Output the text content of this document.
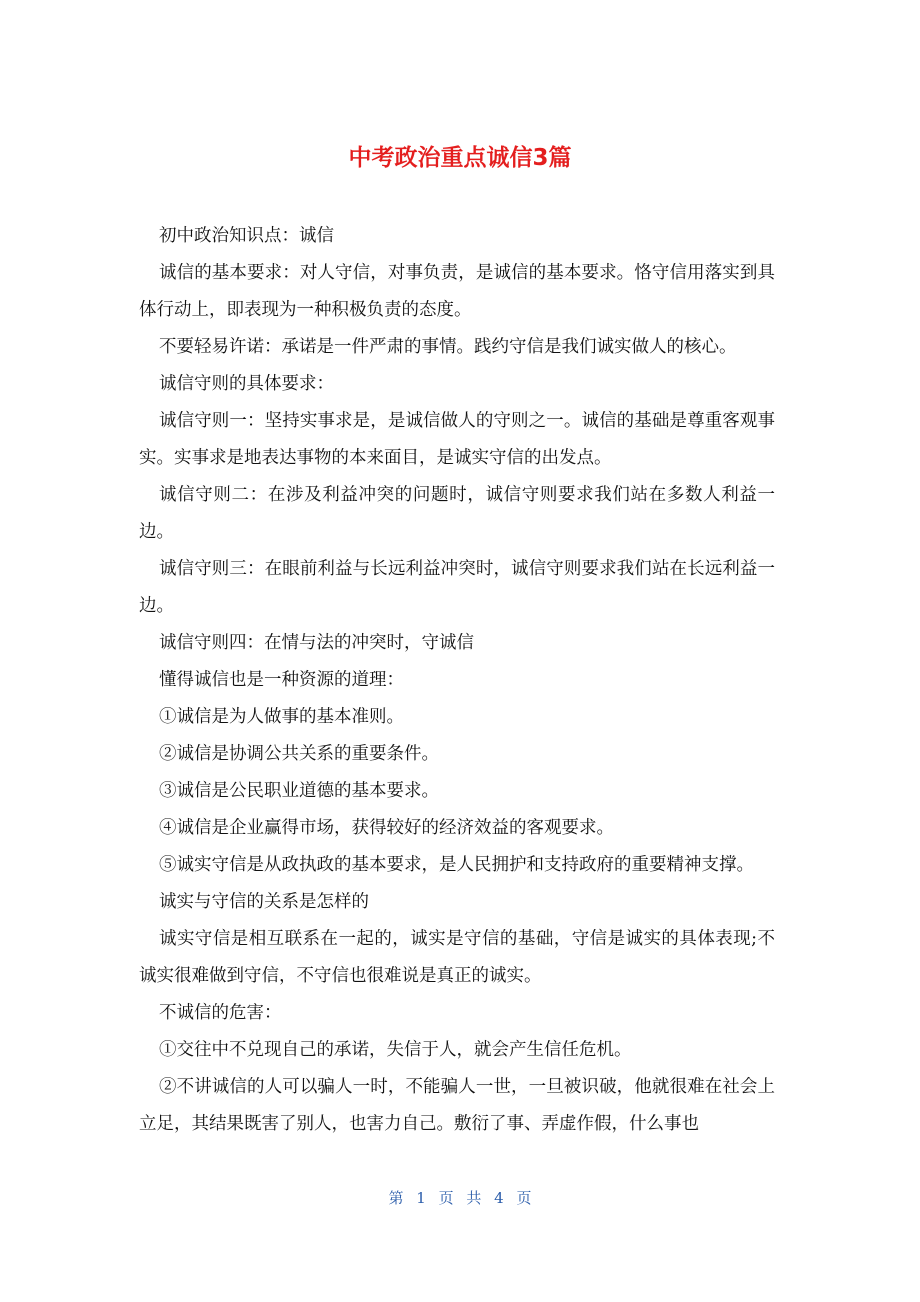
中考政治重点诚信3篇

初中政治知识点：诚信

诚信的基本要求：对人守信，对事负责，是诚信的基本要求。恪守信用落实到具体行动上，即表现为一种积极负责的态度。

不要轻易许诺：承诺是一件严肃的事情。践约守信是我们诚实做人的核心。

诚信守则的具体要求：

诚信守则一：坚持实事求是，是诚信做人的守则之一。诚信的基础是尊重客观事实。实事求是地表达事物的本来面目，是诚实守信的出发点。

诚信守则二：在涉及利益冲突的问题时，诚信守则要求我们站在多数人利益一边。

诚信守则三：在眼前利益与长远利益冲突时，诚信守则要求我们站在长远利益一边。

诚信守则四：在情与法的冲突时，守诚信

懂得诚信也是一种资源的道理：

①诚信是为人做事的基本准则。

②诚信是协调公共关系的重要条件。

③诚信是公民职业道德的基本要求。

④诚信是企业赢得市场，获得较好的经济效益的客观要求。

⑤诚实守信是从政执政的基本要求，是人民拥护和支持政府的重要精神支撑。

诚实与守信的关系是怎样的

诚实守信是相互联系在一起的，诚实是守信的基础，守信是诚实的具体表现;不诚实很难做到守信，不守信也很难说是真正的诚实。

不诚信的危害：

①交往中不兑现自己的承诺，失信于人，就会产生信任危机。

②不讲诚信的人可以骗人一时，不能骗人一世，一旦被识破，他就很难在社会上立足，其结果既害了别人，也害力自己。敷衍了事、弄虚作假，什么事也

第 1 页 共 4 页
